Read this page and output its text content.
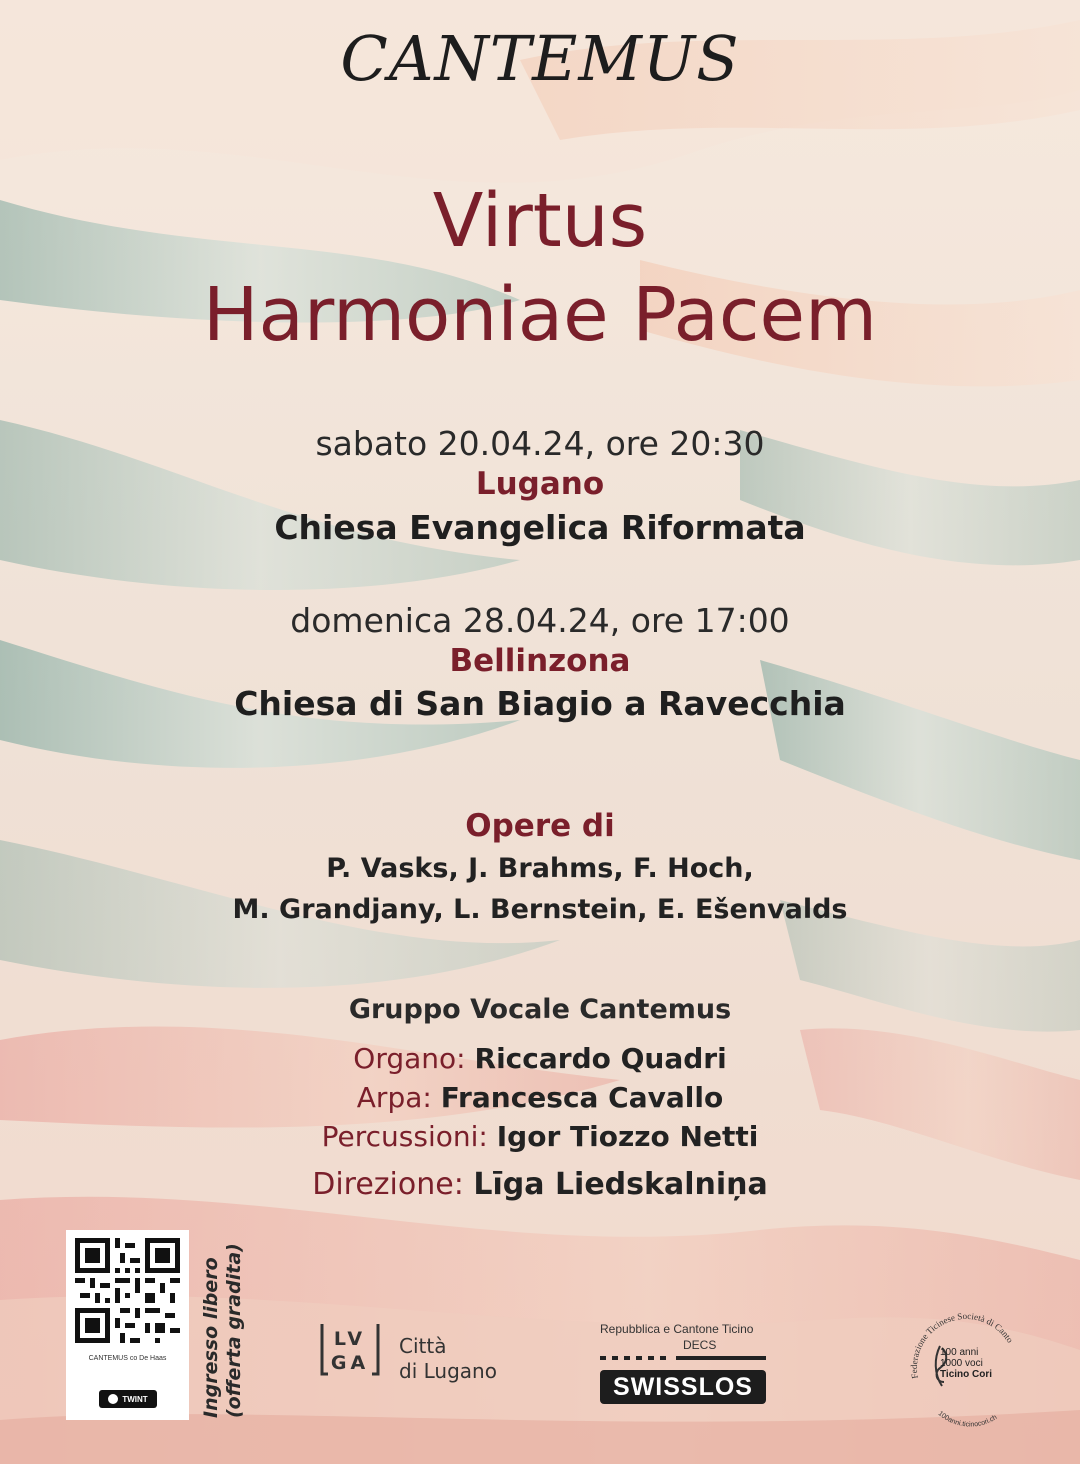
CANTEMUS
Virtus
Harmoniae Pacem
sabato 20.04.24, ore 20:30
Lugano
Chiesa Evangelica Riformata
domenica 28.04.24, ore 17:00
Bellinzona
Chiesa di San Biagio a Ravecchia
Opere di
P. Vasks, J. Brahms, F. Hoch,
M. Grandjany, L. Bernstein, E. Ešenvalds
Gruppo Vocale Cantemus
Organo: Riccardo Quadri
Arpa: Francesca Cavallo
Percussioni: Igor Tiozzo Netti
Direzione: Līga Liedskalniņa
CANTEMUS co De Haas
TWINT	Ingresso libero (offerta gradita)	LV
GA
Città
di Lugano
Repubblica e Cantone Ticino
DECS
SWISSLOS	Federazione Ticinese Società di Canto
100anni.ticinocori.ch
100 anni
1000 voci
Ticino Cori
